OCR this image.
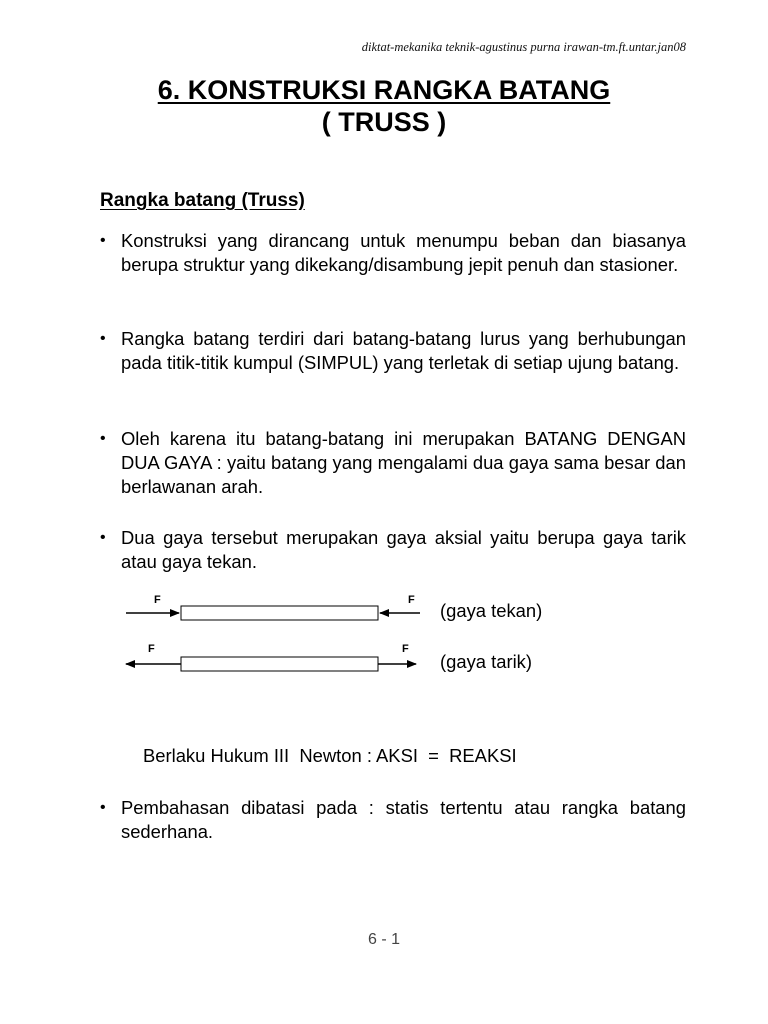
diktat-mekanika teknik-agustinus purna irawan-tm.ft.untar.jan08
6. KONSTRUKSI RANGKA BATANG
( TRUSS )
Rangka batang (Truss)
• Konstruksi yang dirancang untuk menumpu beban dan biasanya berupa struktur yang dikekang/disambung jepit penuh dan stasioner.
• Rangka batang terdiri dari batang-batang lurus yang berhubungan pada titik-titik kumpul (SIMPUL) yang terletak di setiap ujung batang.
• Oleh karena itu batang-batang ini merupakan BATANG DENGAN DUA GAYA : yaitu batang yang mengalami dua gaya sama besar dan berlawanan arah.
• Dua gaya tersebut merupakan gaya aksial yaitu berupa gaya tarik atau gaya tekan.
F	F
F	F
(gaya tekan)
(gaya tarik)
Berlaku Hukum III  Newton : AKSI  =  REAKSI
• Pembahasan dibatasi pada : statis tertentu atau rangka batang sederhana.
6 - 1
